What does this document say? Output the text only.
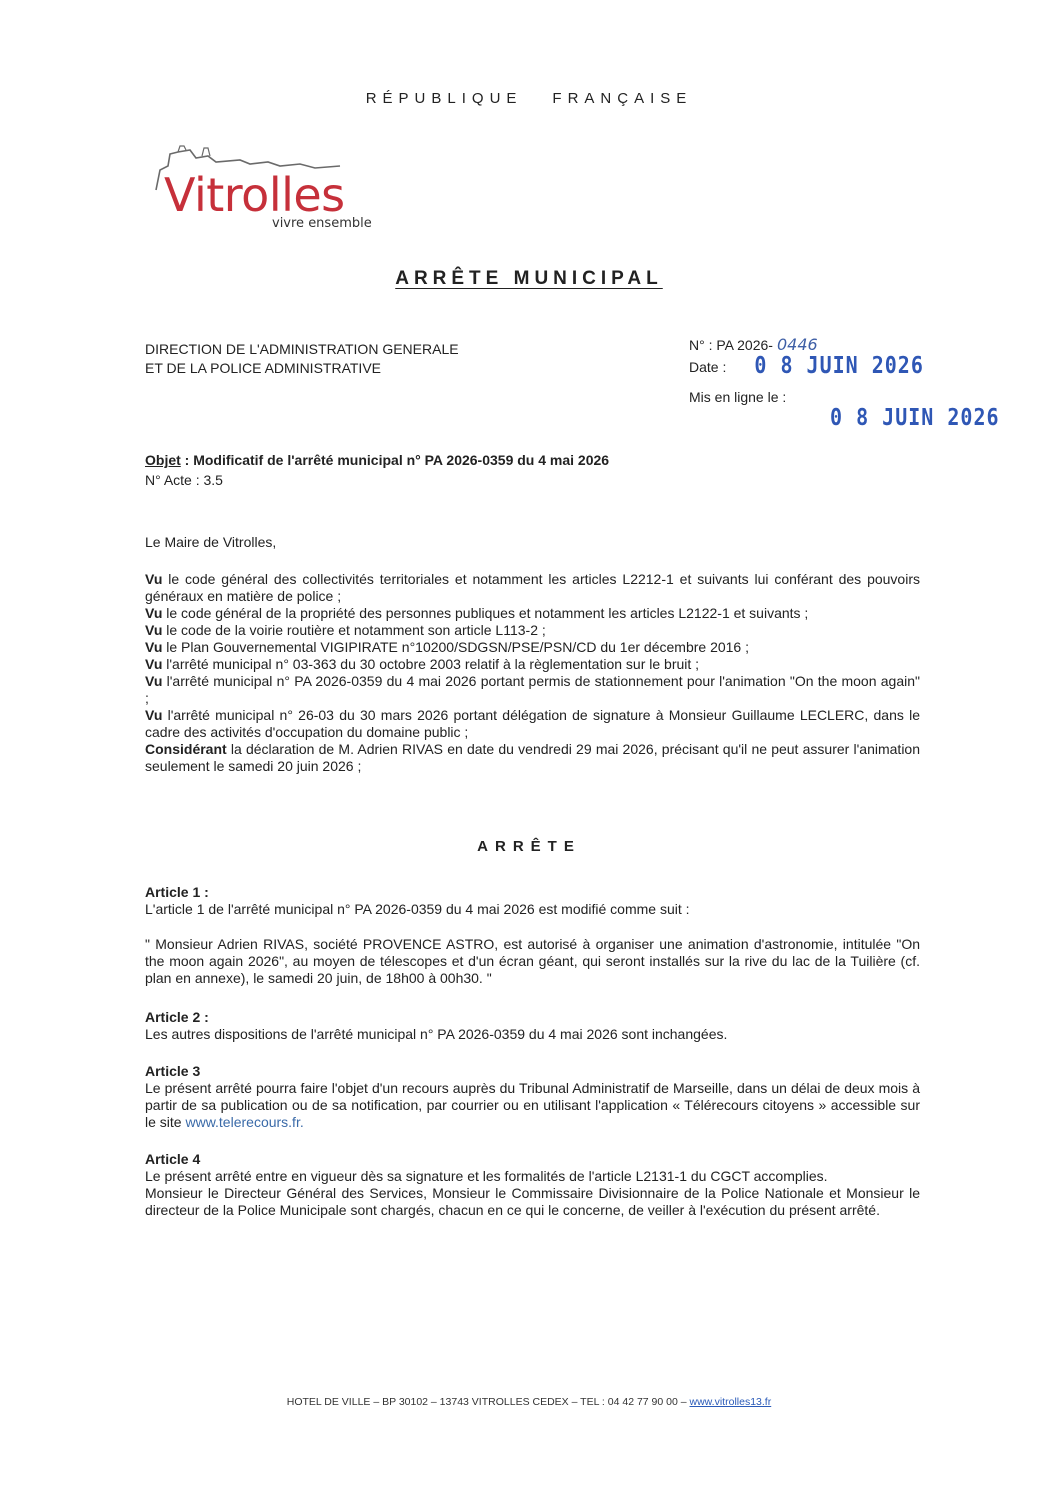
RÉPUBLIQUE FRANÇAISE
Vitrolles
vivre ensemble
ARRÊTE MUNICIPAL
DIRECTION DE L'ADMINISTRATION GENERALE
ET DE LA POLICE ADMINISTRATIVE
N° : PA 2026- 0446
Date : 0 8 JUIN 2026
Mis en ligne le :
0 8 JUIN 2026
Objet : Modificatif de l'arrêté municipal n° PA 2026-0359 du 4 mai 2026
N° Acte : 3.5

Le Maire de Vitrolles,

Vu le code général des collectivités territoriales et notamment les articles L2212-1 et suivants lui conférant des pouvoirs généraux en matière de police ;

Vu le code général de la propriété des personnes publiques et notamment les articles L2122-1 et suivants ;

Vu le code de la voirie routière et notamment son article L113-2 ;

Vu le Plan Gouvernemental VIGIPIRATE n°10200/SDGSN/PSE/PSN/CD du 1er décembre 2016 ;

Vu l'arrêté municipal n° 03-363 du 30 octobre 2003 relatif à la règlementation sur le bruit ;

Vu l'arrêté municipal n° PA 2026-0359 du 4 mai 2026 portant permis de stationnement pour l'animation "On the moon again" ;

Vu l'arrêté municipal n° 26-03 du 30 mars 2026 portant délégation de signature à Monsieur Guillaume LECLERC, dans le cadre des activités d'occupation du domaine public ;

Considérant la déclaration de M. Adrien RIVAS en date du vendredi 29 mai 2026, précisant qu'il ne peut assurer l'animation seulement le samedi 20 juin 2026 ;

ARRÊTE

Article 1 :

L'article 1 de l'arrêté municipal n° PA 2026-0359 du 4 mai 2026 est modifié comme suit :

" Monsieur Adrien RIVAS, société PROVENCE ASTRO, est autorisé à organiser une animation d'astronomie, intitulée "On the moon again 2026", au moyen de télescopes et d'un écran géant, qui seront installés sur la rive du lac de la Tuilière (cf. plan en annexe), le samedi 20 juin, de 18h00 à 00h30. "

Article 2 :

Les autres dispositions de l'arrêté municipal n° PA 2026-0359 du 4 mai 2026 sont inchangées.

Article 3

Le présent arrêté pourra faire l'objet d'un recours auprès du Tribunal Administratif de Marseille, dans un délai de deux mois à partir de sa publication ou de sa notification, par courrier ou en utilisant l'application « Télérecours citoyens » accessible sur le site www.telerecours.fr.

Article 4

Le présent arrêté entre en vigueur dès sa signature et les formalités de l'article L2131-1 du CGCT accomplies.

Monsieur le Directeur Général des Services, Monsieur le Commissaire Divisionnaire de la Police Nationale et Monsieur le directeur de la Police Municipale sont chargés, chacun en ce qui le concerne, de veiller à l'exécution du présent arrêté.

HOTEL DE VILLE – BP 30102 – 13743 VITROLLES CEDEX – TEL : 04 42 77 90 00 – www.vitrolles13.fr
